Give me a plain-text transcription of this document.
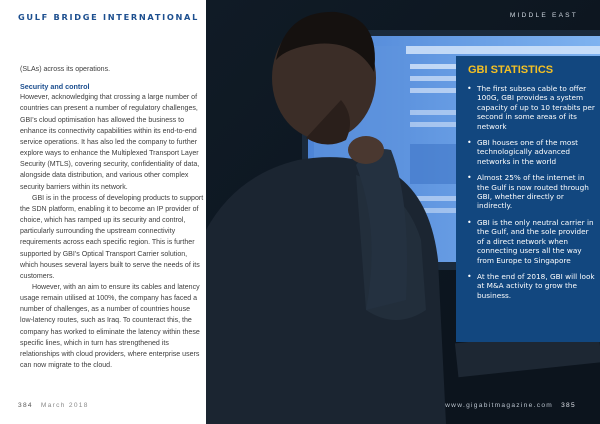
GULF BRIDGE INTERNATIONAL

(SLAs) across its operations.

Security and control

However, acknowledging that crossing a large number of countries can present a number of regulatory challenges, GBI’s cloud optimisation has allowed the business to enhance its connectivity capabilities within its end-to-end service operations. It has also led the company to further explore ways to enhance the Multiplexed Transport Layer Security (MTLS), covering security, confidentiality of data, alongside data distribution, and various other complex security barriers within its network.

GBI is in the process of developing products to support the SDN platform, enabling it to become an IP provider of choice, which has ramped up its security and control, particularly surrounding the upstream connectivity requirements across each specific region. This is further supported by GBI’s Optical Transport Carrier solution, which houses several layers built to serve the needs of its customers.

However, with an aim to ensure its cables and latency usage remain utilised at 100%, the company has faced a number of challenges, as a number of countries house low-latency routes, such as Iraq. To counteract this, the company has worked to eliminate the latency within these specific lines, which in turn has strengthened its relationships with cloud providers, where enterprise users can now migrate to the cloud.

384 March 2018
MIDDLE EAST
GBI STATISTICS
• The first subsea cable to offer 100G, GBI provides a system capacity of up to 10 terabits per second in some areas of its network
• GBI houses one of the most technologically advanced networks in the world
• Almost 25% of the internet in the Gulf is now routed through GBI, whether directly or indirectly.
• GBI is the only neutral carrier in the Gulf, and the sole provider of a direct network when connecting users all the way from Europe to Singapore
• At the end of 2018, GBI will look at M&A activity to grow the business.
www.gigabitmagazine.com 385
